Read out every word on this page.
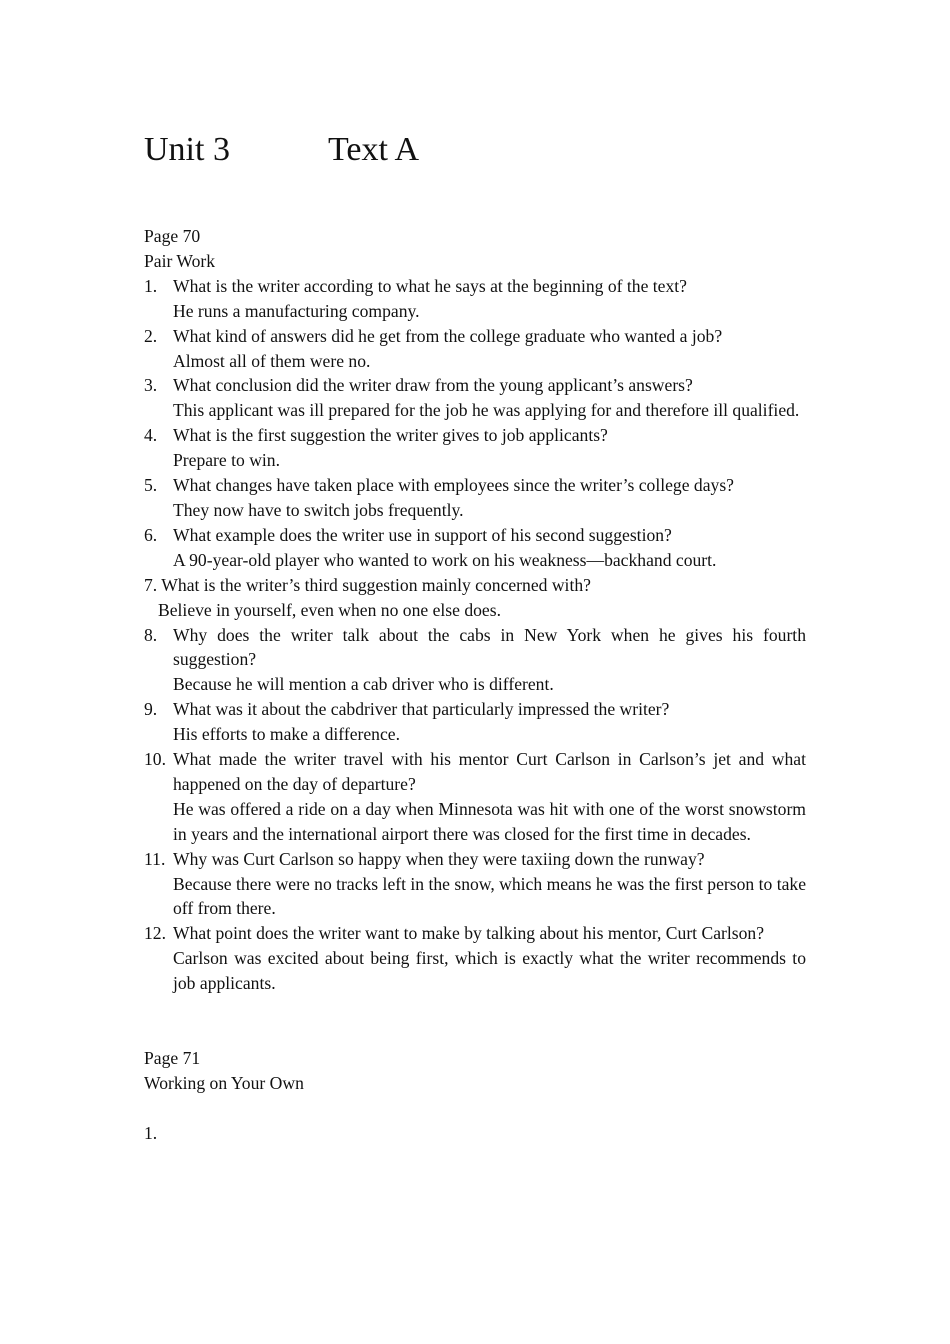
Unit 3	Text A
Page 70
Pair Work
1. What is the writer according to what he says at the beginning of the text?
He runs a manufacturing company.
2. What kind of answers did he get from the college graduate who wanted a job?
Almost all of them were no.
3. What conclusion did the writer draw from the young applicant’s answers?
This applicant was ill prepared for the job he was applying for and therefore ill qualified.
4. What is the first suggestion the writer gives to job applicants?
Prepare to win.
5. What changes have taken place with employees since the writer’s college days?
They now have to switch jobs frequently.
6. What example does the writer use in support of his second suggestion?
A 90-year-old player who wanted to work on his weakness—backhand court.
7. What is the writer’s third suggestion mainly concerned with?
Believe in yourself, even when no one else does.
8. Why does the writer talk about the cabs in New York when he gives his fourth suggestion?
Because he will mention a cab driver who is different.
9. What was it about the cabdriver that particularly impressed the writer?
His efforts to make a difference.
10. What made the writer travel with his mentor Curt Carlson in Carlson’s jet and what happened on the day of departure?
He was offered a ride on a day when Minnesota was hit with one of the worst snowstorm in years and the international airport there was closed for the first time in decades.
11. Why was Curt Carlson so happy when they were taxiing down the runway?
Because there were no tracks left in the snow, which means he was the first person to take off from there.
12. What point does the writer want to make by talking about his mentor, Curt Carlson?
Carlson was excited about being first, which is exactly what the writer recommends to job applicants.
Page 71
Working on Your Own
1.
